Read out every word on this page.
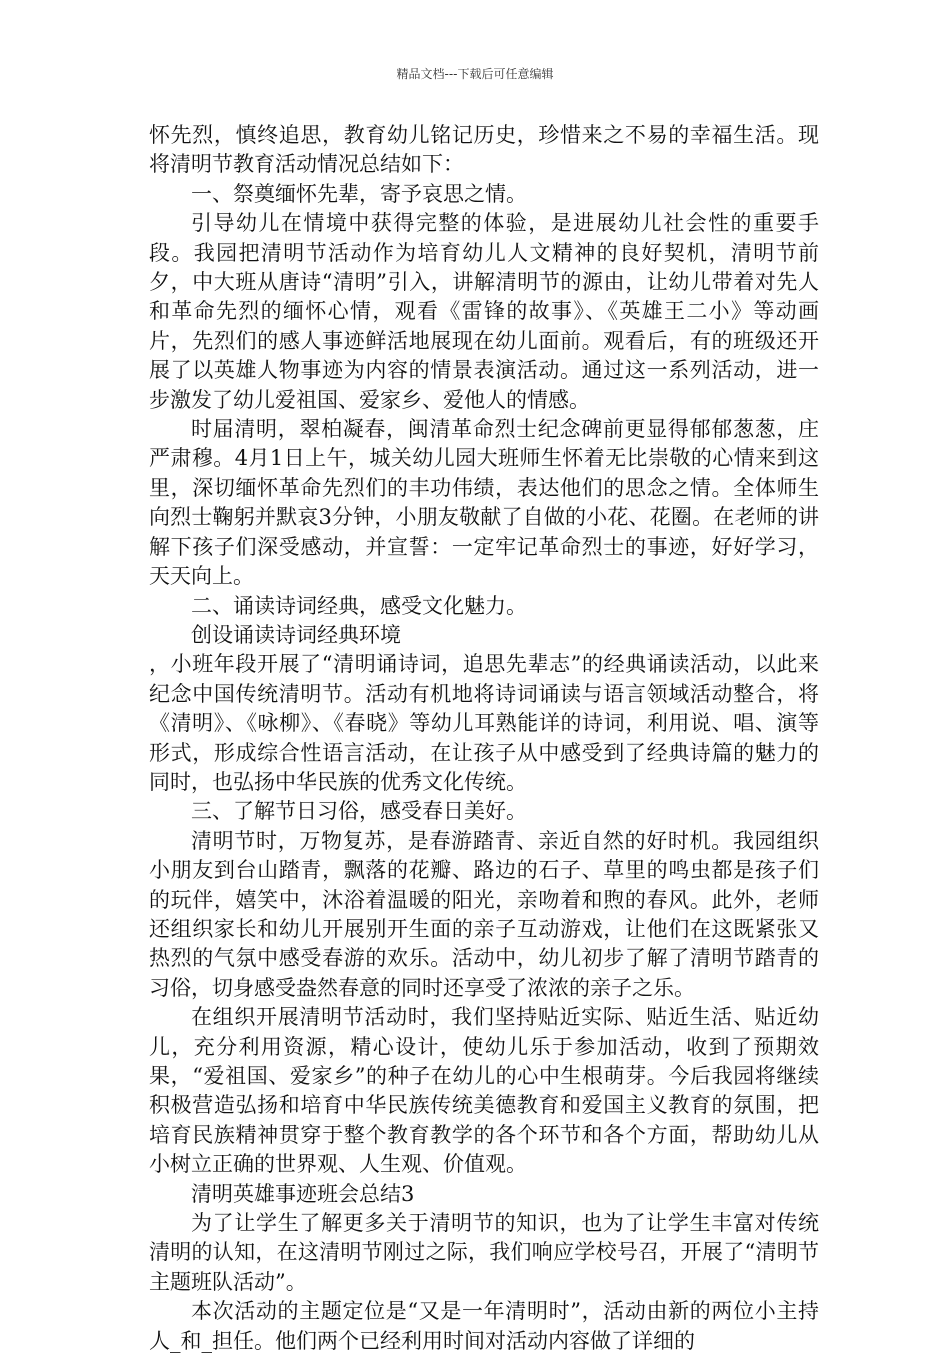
精品文档---下载后可任意编辑

怀先烈，慎终追思，教育幼儿铭记历史，珍惜来之不易的幸福生活。现将清明节教育活动情况总结如下：

一、祭奠缅怀先辈，寄予哀思之情。

引导幼儿在情境中获得完整的体验，是进展幼儿社会性的重要手段。我园把清明节活动作为培育幼儿人文精神的良好契机，清明节前夕，中大班从唐诗“清明”引入，讲解清明节的源由，让幼儿带着对先人和革命先烈的缅怀心情，观看《雷锋的故事》、《英雄王二小》等动画片，先烈们的感人事迹鲜活地展现在幼儿面前。观看后，有的班级还开展了以英雄人物事迹为内容的情景表演活动。通过这一系列活动，进一步激发了幼儿爱祖国、爱家乡、爱他人的情感。

时届清明，翠柏凝春，闽清革命烈士纪念碑前更显得郁郁葱葱，庄严肃穆。4月1日上午，城关幼儿园大班师生怀着无比崇敬的心情来到这里，深切缅怀革命先烈们的丰功伟绩，表达他们的思念之情。全体师生向烈士鞠躬并默哀3分钟，小朋友敬献了自做的小花、花圈。在老师的讲解下孩子们深受感动，并宣誓：一定牢记革命烈士的事迹，好好学习，天天向上。

二、诵读诗词经典，感受文化魅力。

创设诵读诗词经典环境

，小班年段开展了“清明诵诗词，追思先辈志”的经典诵读活动，以此来纪念中国传统清明节。活动有机地将诗词诵读与语言领域活动整合，将《清明》、《咏柳》、《春晓》等幼儿耳熟能详的诗词，利用说、唱、演等形式，形成综合性语言活动，在让孩子从中感受到了经典诗篇的魅力的同时，也弘扬中华民族的优秀文化传统。

三、了解节日习俗，感受春日美好。

清明节时，万物复苏，是春游踏青、亲近自然的好时机。我园组织小朋友到台山踏青，飘落的花瓣、路边的石子、草里的鸣虫都是孩子们的玩伴，嬉笑中，沐浴着温暖的阳光，亲吻着和煦的春风。此外，老师还组织家长和幼儿开展别开生面的亲子互动游戏，让他们在这既紧张又热烈的气氛中感受春游的欢乐。活动中，幼儿初步了解了清明节踏青的习俗，切身感受盎然春意的同时还享受了浓浓的亲子之乐。

在组织开展清明节活动时，我们坚持贴近实际、贴近生活、贴近幼儿，充分利用资源，精心设计，使幼儿乐于参加活动，收到了预期效果，“爱祖国、爱家乡”的种子在幼儿的心中生根萌芽。今后我园将继续积极营造弘扬和培育中华民族传统美德教育和爱国主义教育的氛围，把培育民族精神贯穿于整个教育教学的各个环节和各个方面，帮助幼儿从小树立正确的世界观、人生观、价值观。

清明英雄事迹班会总结3

为了让学生了解更多关于清明节的知识，也为了让学生丰富对传统清明的认知，在这清明节刚过之际，我们响应学校号召，开展了“清明节主题班队活动”。

本次活动的主题定位是“又是一年清明时”，活动由新的两位小主持人_和_担任。他们两个已经利用时间对活动内容做了详细的
